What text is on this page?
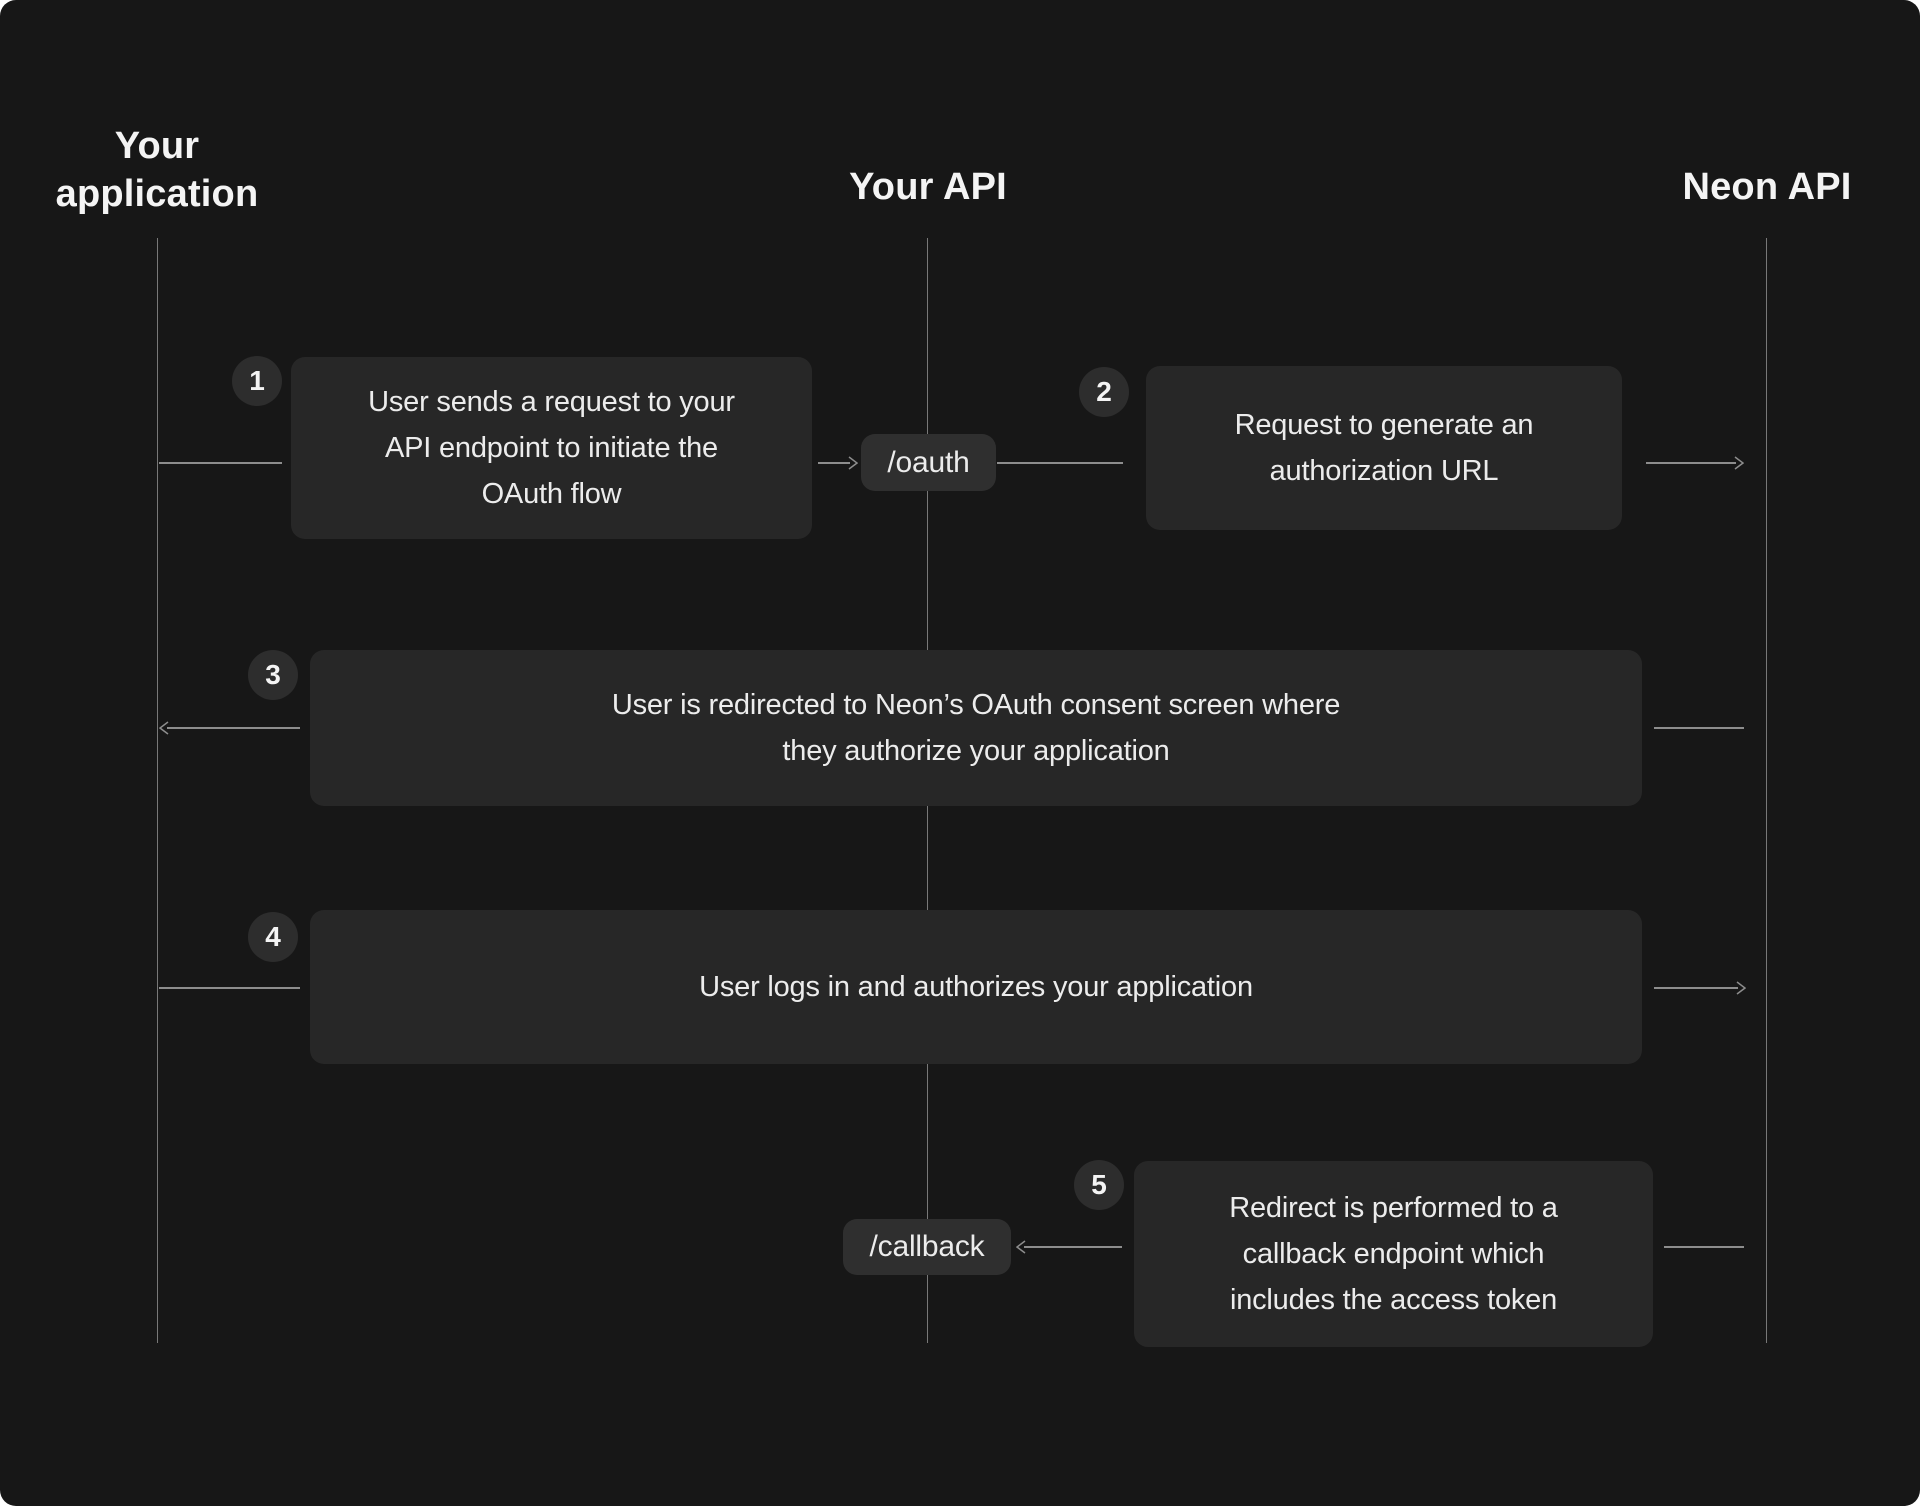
Your application	Your API	Neon API
User sends a request to your
API endpoint to initiate the
OAuth flow
Request to generate an
authorization URL
User is redirected to Neon’s OAuth consent screen where
they authorize your application
User logs in and authorizes your application
Redirect is performed to a
callback endpoint which
includes the access token
1	2
3
4
5
/oauth
/callback
